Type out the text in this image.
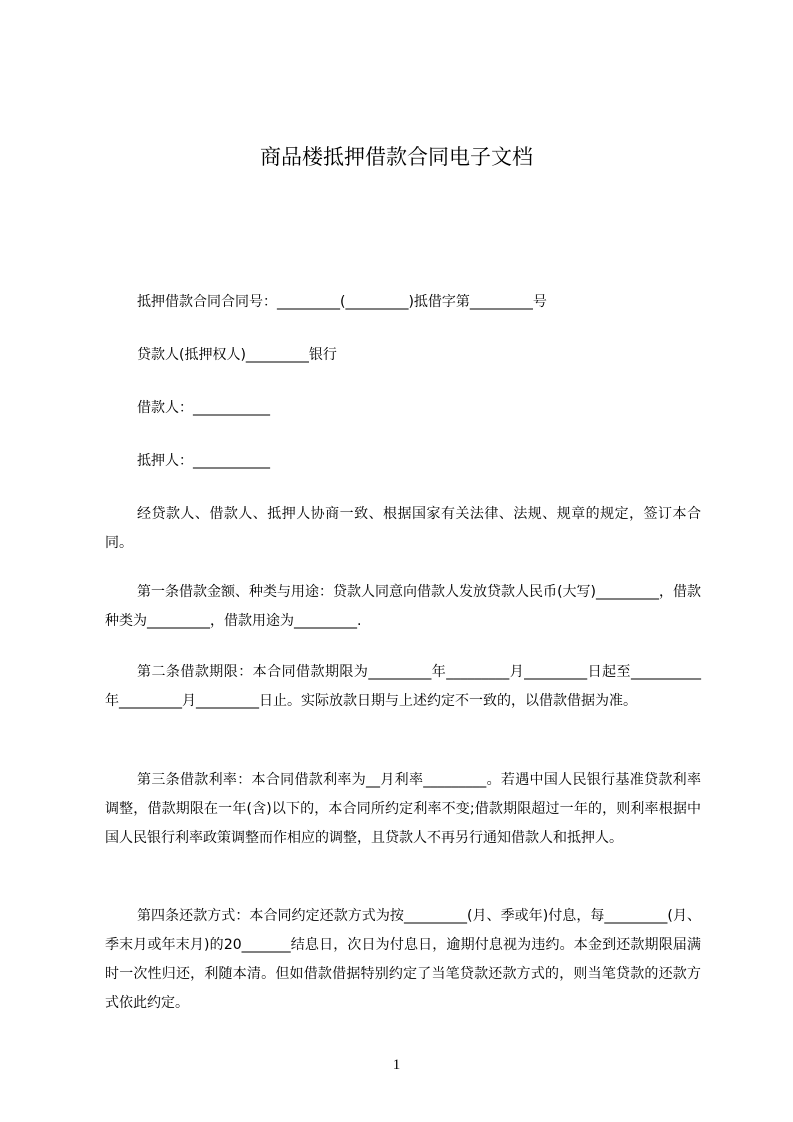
商品楼抵押借款合同电子文档
抵押借款合同合同号：_________(_________)抵借字第_________号
贷款人(抵押权人)_________银行
借款人：___________
抵押人：___________
经贷款人、借款人、抵押人协商一致、根据国家有关法律、法规、规章的规定，签订本合同。
第一条借款金额、种类与用途：贷款人同意向借款人发放贷款人民币(大写)_________，借款种类为_________，借款用途为_________.
第二条借款期限：本合同借款期限为_________年_________月_________日起至__________年_________月_________日止。实际放款日期与上述约定不一致的，以借款借据为准。
第三条借款利率：本合同借款利率为__月利率_________。若遇中国人民银行基准贷款利率调整，借款期限在一年(含)以下的，本合同所约定利率不变;借款期限超过一年的，则利率根据中国人民银行利率政策调整而作相应的调整，且贷款人不再另行通知借款人和抵押人。
第四条还款方式：本合同约定还款方式为按_________(月、季或年)付息，每_________(月、季末月或年末月)的20_______结息日，次日为付息日，逾期付息视为违约。本金到还款期限届满时一次性归还，利随本清。但如借款借据特别约定了当笔贷款还款方式的，则当笔贷款的还款方式依此约定。
1
